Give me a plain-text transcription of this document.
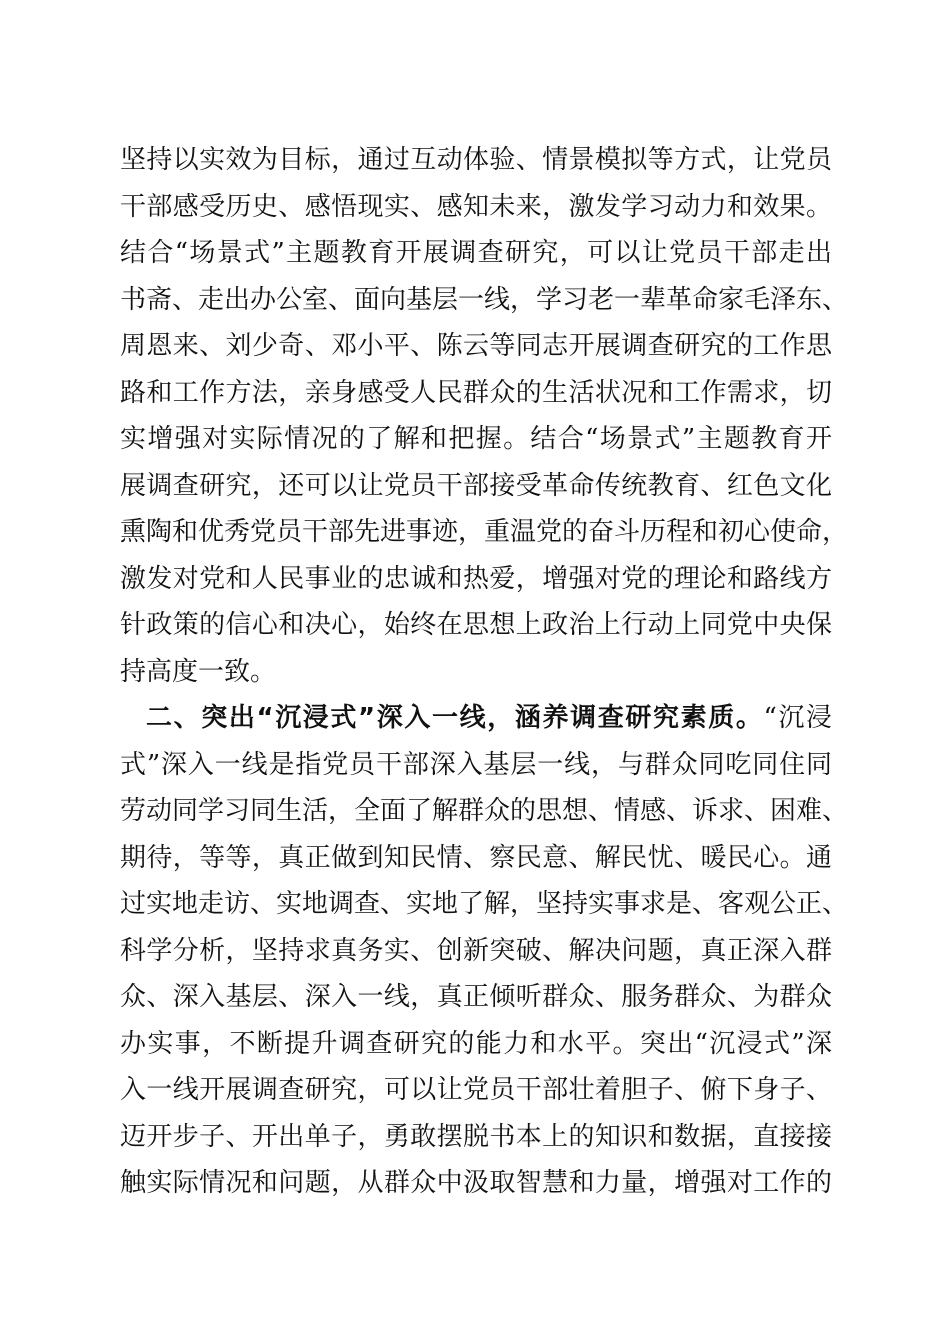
坚持以实效为目标，通过互动体验、情景模拟等方式，让党员
干部感受历史、感悟现实、感知未来，激发学习动力和效果。
结合“场景式”主题教育开展调查研究，可以让党员干部走出
书斋、走出办公室、面向基层一线，学习老一辈革命家毛泽东、
周恩来、刘少奇、邓小平、陈云等同志开展调查研究的工作思
路和工作方法，亲身感受人民群众的生活状况和工作需求，切
实增强对实际情况的了解和把握。结合“场景式”主题教育开
展调查研究，还可以让党员干部接受革命传统教育、红色文化
熏陶和优秀党员干部先进事迹，重温党的奋斗历程和初心使命，
激发对党和人民事业的忠诚和热爱，增强对党的理论和路线方
针政策的信心和决心，始终在思想上政治上行动上同党中央保
持高度一致。
二、突出“沉浸式”深入一线，涵养调查研究素质。“沉浸
式”深入一线是指党员干部深入基层一线，与群众同吃同住同
劳动同学习同生活，全面了解群众的思想、情感、诉求、困难、
期待，等等，真正做到知民情、察民意、解民忧、暖民心。通
过实地走访、实地调查、实地了解，坚持实事求是、客观公正、
科学分析，坚持求真务实、创新突破、解决问题，真正深入群
众、深入基层、深入一线，真正倾听群众、服务群众、为群众
办实事，不断提升调查研究的能力和水平。突出“沉浸式”深
入一线开展调查研究，可以让党员干部壮着胆子、俯下身子、
迈开步子、开出单子，勇敢摆脱书本上的知识和数据，直接接
触实际情况和问题，从群众中汲取智慧和力量，增强对工作的
